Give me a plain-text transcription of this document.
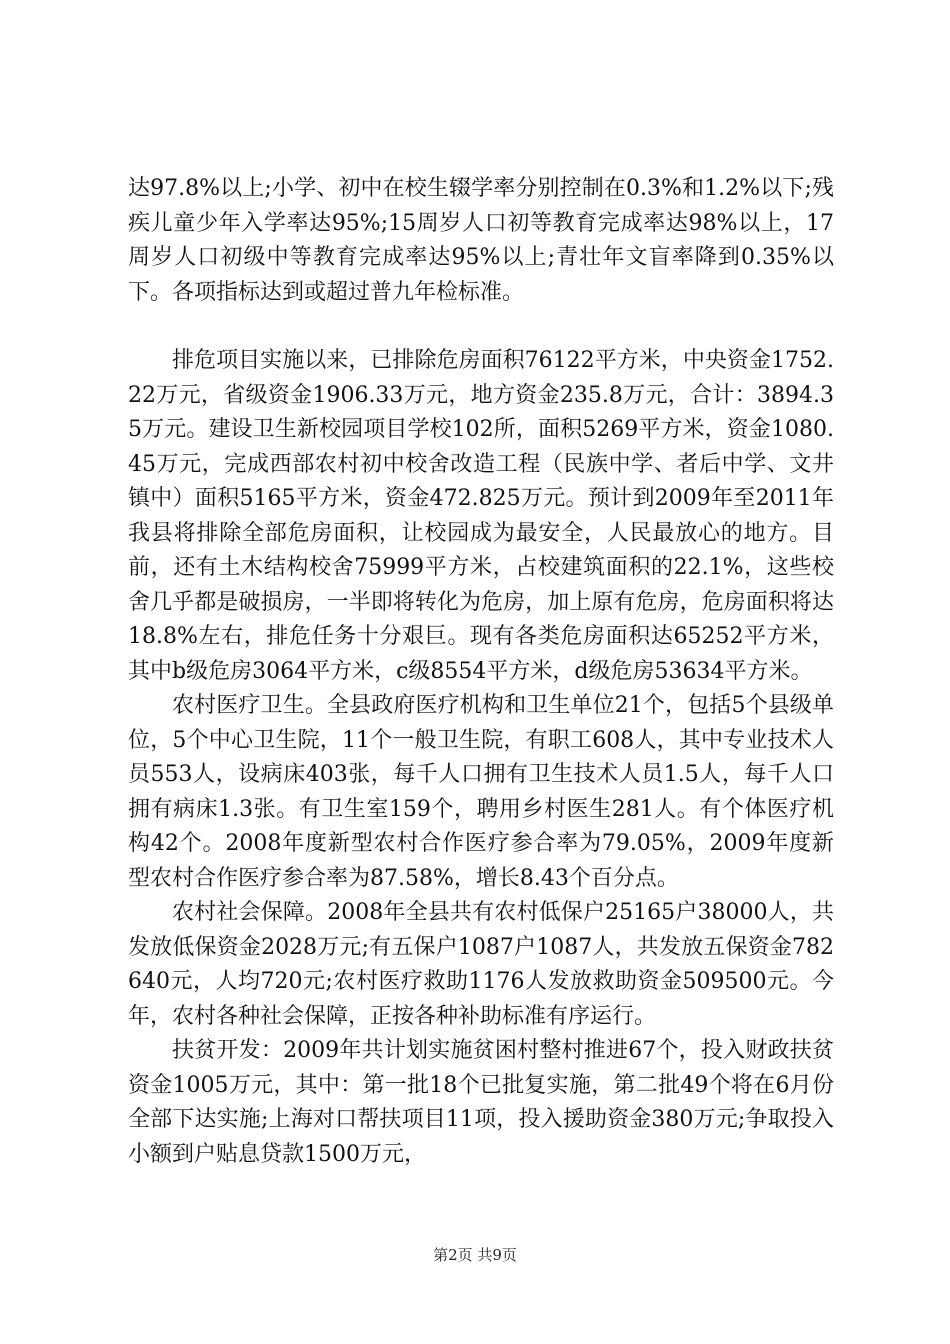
达97.8%以上;小学、初中在校生辍学率分别控制在0.3%和1.2%以下;残疾儿童少年入学率达95%;15周岁人口初等教育完成率达98%以上，17周岁人口初级中等教育完成率达95%以上;青壮年文盲率降到0.35%以下。各项指标达到或超过普九年检标准。

排危项目实施以来，已排除危房面积76122平方米，中央资金1752.22万元，省级资金1906.33万元，地方资金235.8万元，合计：3894.35万元。建设卫生新校园项目学校102所，面积5269平方米，资金1080.45万元，完成西部农村初中校舍改造工程（民族中学、者后中学、文井镇中）面积5165平方米，资金472.825万元。预计到2009年至2011年我县将排除全部危房面积，让校园成为最安全，人民最放心的地方。目前，还有土木结构校舍75999平方米，占校建筑面积的22.1%，这些校舍几乎都是破损房，一半即将转化为危房，加上原有危房，危房面积将达18.8%左右，排危任务十分艰巨。现有各类危房面积达65252平方米，其中b级危房3064平方米，c级8554平方米，d级危房53634平方米。

农村医疗卫生。全县政府医疗机构和卫生单位21个，包括5个县级单位，5个中心卫生院，11个一般卫生院，有职工608人，其中专业技术人员553人，设病床403张，每千人口拥有卫生技术人员1.5人，每千人口拥有病床1.3张。有卫生室159个，聘用乡村医生281人。有个体医疗机构42个。2008年度新型农村合作医疗参合率为79.05%，2009年度新型农村合作医疗参合率为87.58%，增长8.43个百分点。

农村社会保障。2008年全县共有农村低保户25165户38000人，共发放低保资金2028万元;有五保户1087户1087人，共发放五保资金782640元，人均720元;农村医疗救助1176人发放救助资金509500元。今年，农村各种社会保障，正按各种补助标准有序运行。

扶贫开发：2009年共计划实施贫困村整村推进67个，投入财政扶贫资金1005万元，其中：第一批18个已批复实施，第二批49个将在6月份全部下达实施;上海对口帮扶项目11项，投入援助资金380万元;争取投入小额到户贴息贷款1500万元，

第2页 共9页
